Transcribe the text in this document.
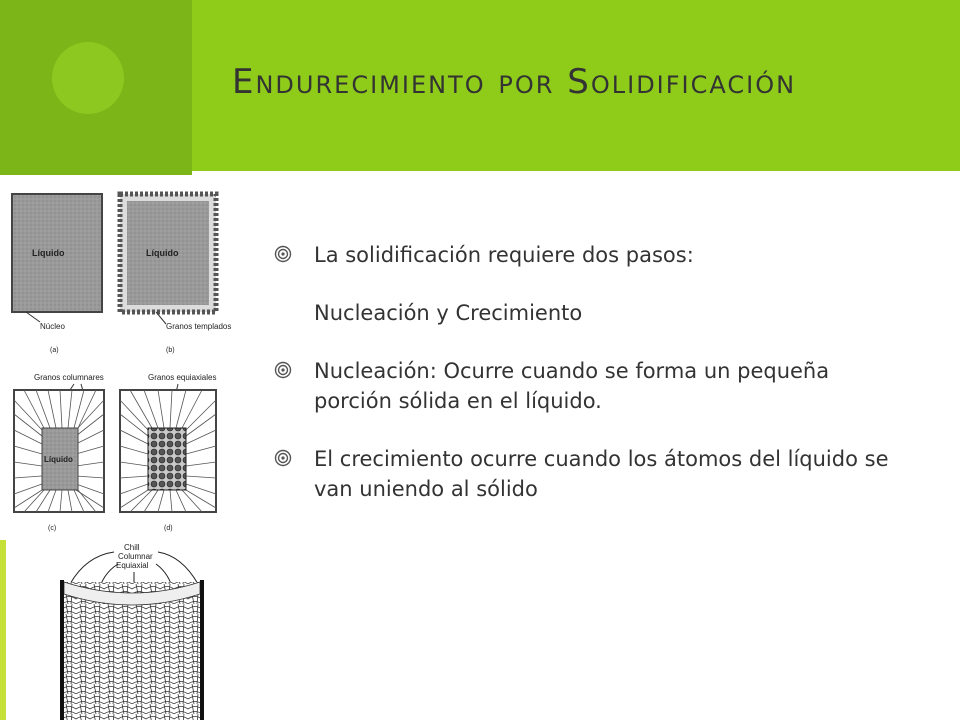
Endurecimiento por Solidificación
Líquido
Núcleo
(a)
Líquido
Granos templados
(b)
Granos columnares	Granos equiaxiales
Líquido
(c)	(d)
Chill
Columnar
Equiaxial
La solidificación requiere dos pasos:
Nucleación y Crecimiento
Nucleación: Ocurre cuando se forma un pequeña porción sólida en el líquido.
El crecimiento ocurre cuando los átomos del líquido se van uniendo al sólido
